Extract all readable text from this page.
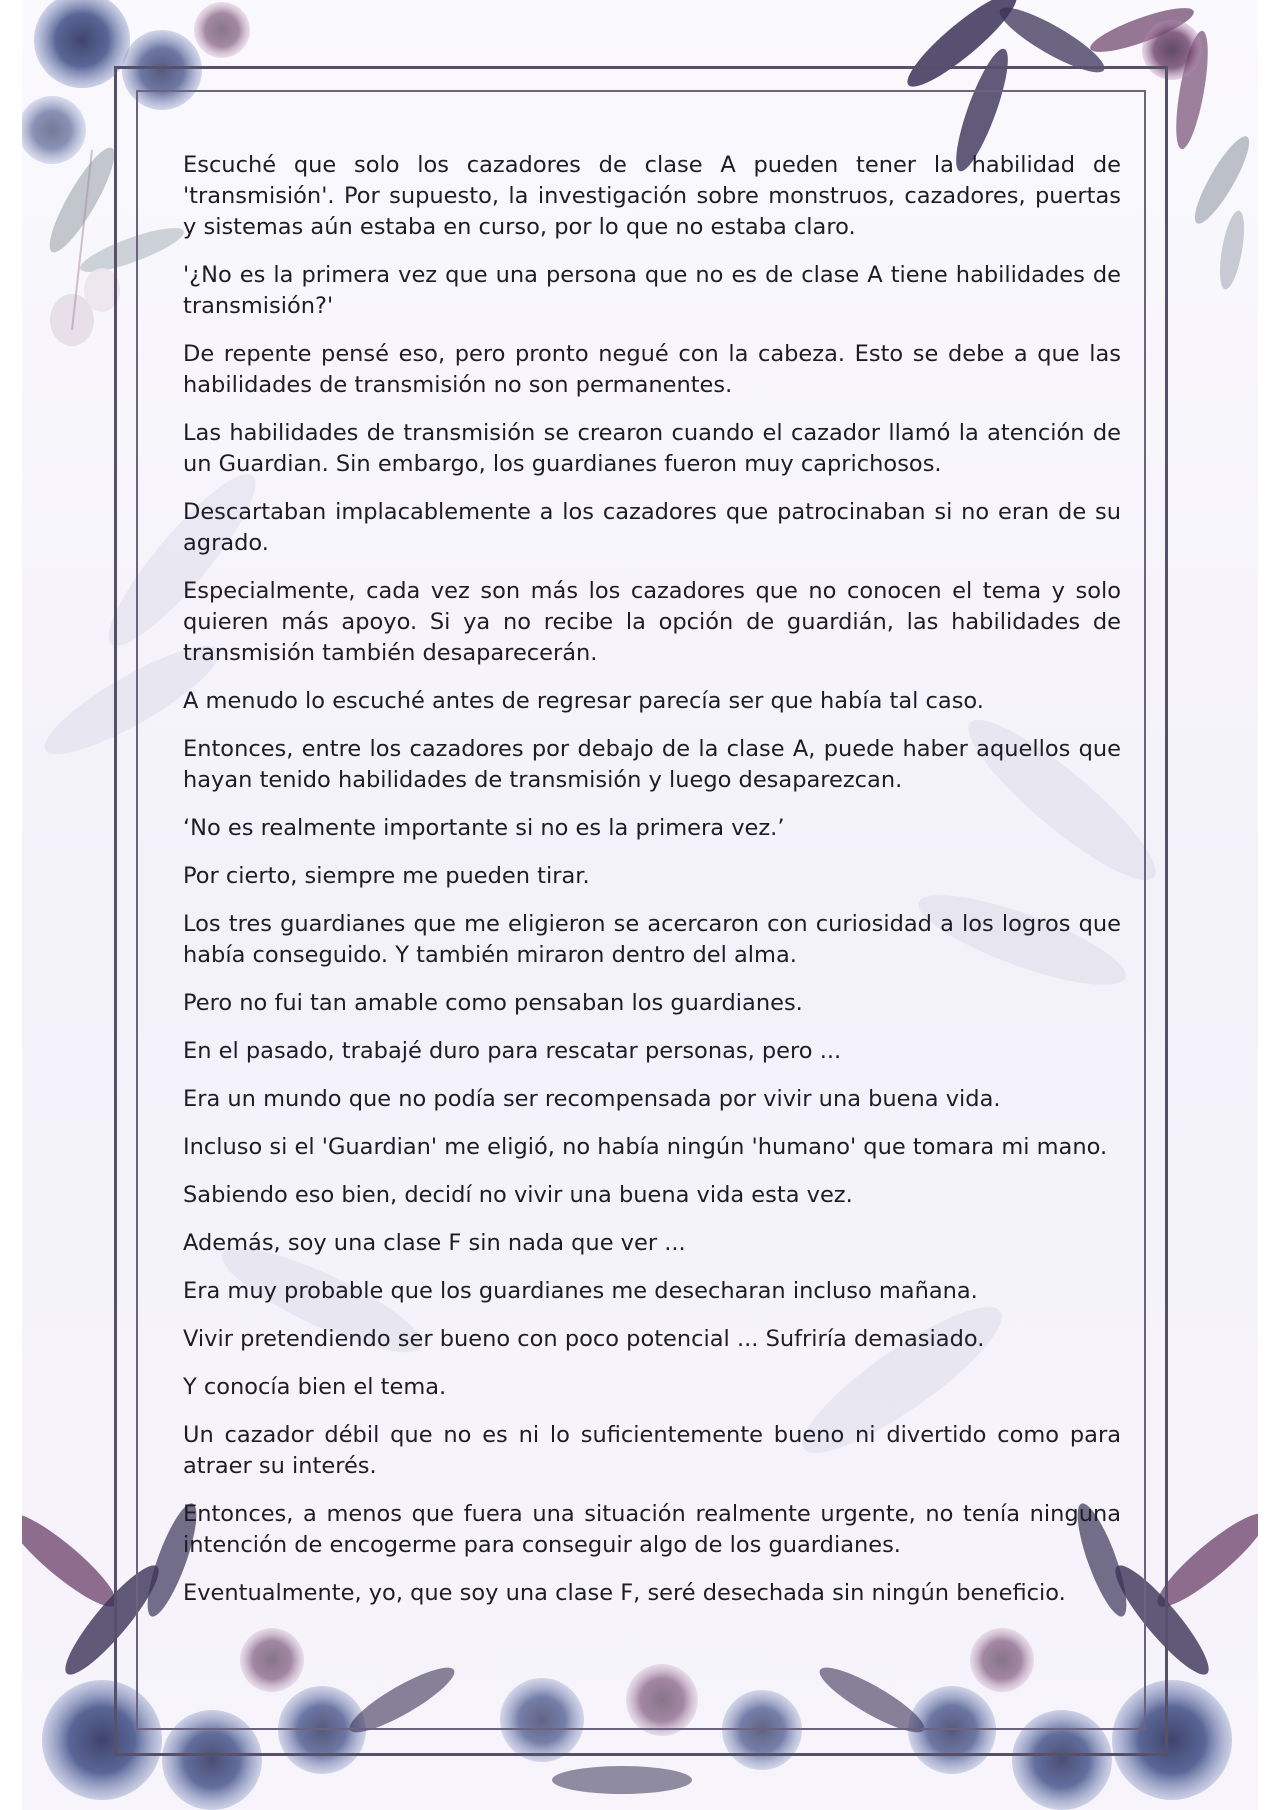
Escuché que solo los cazadores de clase A pueden tener la habilidad de 'transmisión'. Por supuesto, la investigación sobre monstruos, cazadores, puertas y sistemas aún estaba en curso, por lo que no estaba claro.

'¿No es la primera vez que una persona que no es de clase A tiene habilidades de transmisión?'

De repente pensé eso, pero pronto negué con la cabeza. Esto se debe a que las habilidades de transmisión no son permanentes.

Las habilidades de transmisión se crearon cuando el cazador llamó la atención de un Guardian. Sin embargo, los guardianes fueron muy caprichosos.

Descartaban implacablemente a los cazadores que patrocinaban si no eran de su agrado.

Especialmente, cada vez son más los cazadores que no conocen el tema y solo quieren más apoyo. Si ya no recibe la opción de guardián, las habilidades de transmisión también desaparecerán.

A menudo lo escuché antes de regresar parecía ser que había tal caso.

Entonces, entre los cazadores por debajo de la clase A, puede haber aquellos que hayan tenido habilidades de transmisión y luego desaparezcan.

‘No es realmente importante si no es la primera vez.’

Por cierto, siempre me pueden tirar.

Los tres guardianes que me eligieron se acercaron con curiosidad a los logros que había conseguido. Y también miraron dentro del alma.

Pero no fui tan amable como pensaban los guardianes.

En el pasado, trabajé duro para rescatar personas, pero ...

Era un mundo que no podía ser recompensada por vivir una buena vida.

Incluso si el 'Guardian' me eligió, no había ningún 'humano' que tomara mi mano.

Sabiendo eso bien, decidí no vivir una buena vida esta vez.

Además, soy una clase F sin nada que ver ...

Era muy probable que los guardianes me desecharan incluso mañana.

Vivir pretendiendo ser bueno con poco potencial ... Sufriría demasiado.

Y conocía bien el tema.

Un cazador débil que no es ni lo suficientemente bueno ni divertido como para atraer su interés.

Entonces, a menos que fuera una situación realmente urgente, no tenía ninguna intención de encogerme para conseguir algo de los guardianes.

Eventualmente, yo, que soy una clase F, seré desechada sin ningún beneficio.
